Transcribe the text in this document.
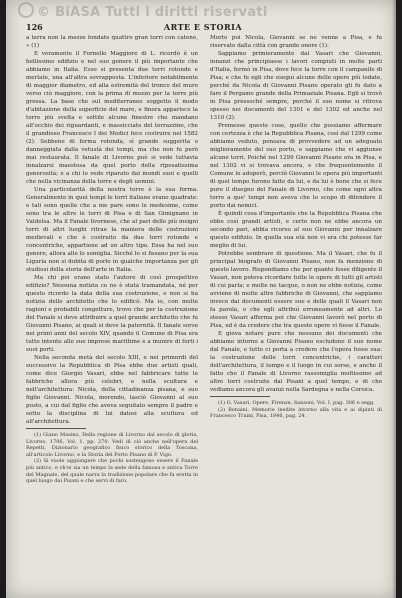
© BiASA Tutti i diritti riservati
126	ARTE E STORIA

a terra non la mezze fondate quattro gran torri con catene, » (1)

E veramente il Fornello Maggiore di L. ricordò è un bellissimo edifizio e nel suo genere il più importante che abbiamo in Italia. Esso si presenta due torri rotonde e merlate, una all'altra sovrapposta. L'inferiore notabilmente di maggior diametro, ed alla estremità del tronco del muro verso ciò maggiore, con la prima di mezzo per la torre più grossa. La base che sul mediterraneo soggetto il modo d'abitazione della superficie del mare, e finora apparisce la torre più svelta e sottile alcune finestre che mandano all'occhio dei riguardanti, e massicciate del terrazzino, che il grandioso Francesco I dei Medici fece costruire nel 1582 (2). Sebbene di forma rotonda, sì grande suggerita o danneggiata dalla vetustà dei tempi, ma che non fu però mai restaurata. Il fanale di Livorno può si vede tuttavia innalzarsi maestosa da quel porto della riposatissima generosità; e a chi lo vede riparato dai mondi suoi e quelli che nella vicinanza della torre e degli uomini.

Una particolarità della nostra torre è la sua forma. Generalmente in quei tempi le torri italiane erano quadrate: e tali sono quelle che a me pare sono le medesime, come sono tra le altre le torri di Pisa e di San Gimignano in Valdelsa. Ma il Fanale livornese, che al pari delle più insigni torri di altri luoghi ritrae la maniera delle costruzioni medievali e che è costruito da due torri rotonde e concentriche, appartiene ad un altro tipo. Essa ha nel suo genere, allora alle lo somiglia. Sicché lo si fissano per la sua Liguria non si dubita di porlo in qualche importanza per gli studiosi della storia dell'arte in Italia.

Ma chi poi erano stato l'autore di così prospettivo edifizio? Nessuna notizia ce ne è stata tramandata, né per questo ricordo la data della sua costruzione, e non si ha notizia dello architetto che lo edificò. Ma io, con molte ragioni e probabili congetture, trovo che per la costruzione del Fanale si deve attribuire a quel grande architetto che fu Giovanni Pisano, ai quali si deve la paternità. Il fanale sorse nei primi anni del secolo XIV, quando il Comune di Pisa era tutto intento alle sue imprese marittime e a munire di forti i suoi porti.

Nella seconda metà del secolo XIII, e nei primordi del successivo la Repubblica di Pisa ebbe due artisti quali, come dice Giorgio Vasari, ebbe nel fabbricare tutte le fabbriche allora più celebri, e nella scultura e nell'architettura: Nicola, della cittadinanza pisana, e suo figlio Giovanni. Nicola, morendo, lasciò Giovanni al suo posto, a cui dal figlio che aveva seguitato sempre il padre e sotto la disciplina di lui datosi alla scultura ed all'architettura.

(1) Giano Masino, Della regione di Livorno dal secolo di gloria, Livorno, 1706, Vol. 1, pp. 270. Vedi di ciò anche nell'opera del Repetti, Dizionario geografico fisico storico della Toscana, all'articolo Livorno, e la Storia del Porto Pisano di P. Vigo.

(2) Si vuole aggiungere che pochi sostengono essere il Fanale più antico, e ch'ei sia un tempo la sede della famosa e antica Torre del Magnale, del quale narra la tradizione popolare che fu eretta in quel luogo dai Pisani e che servì di faro.

Morto poi Nicola, Giovanni se ne venne a Pisa, e fu riservato dalla città con grande onore (1).

Sappiamo primieramente dal Vasari che Giovanni, innanzi che principiasse i lavori compiuti in molte parti d'Italia, fermò in Pisa, dove fece la torre con il campanile di Pisa; e che fu egli che eseguì alcune delle opere più lodate, perché da Nicola di Giovanni Pisano operato gli fu dato a fare il Pergamo grande della Primaziale Pisana. Egli si trovò in Pisa pressoché sempre, perché il suo nome si ritrova spesso nei documenti del 1301 e del 1302 ed anche nel 1310 (2).

Premesse queste cose, quello che possiamo affermare con certezza è che la Repubblica Pisana, così dal 1299 come abbiamo veduto, pensava di provvedere ad un adeguato miglioramento del suo porto, e sappiamo che vi aggiunse alcune torri. Poiché nel 1299 Giovanni Pisano era in Pisa, e nel 1302 vi si trovava ancora, e che frequentemente il Comune lo adoperò, perciò Giovanni le opera più importanti di quel tempo furono fatte da lui, e da lui è bene che si fece pure il disegno del Fanale di Livorno, che come ogni altra torre a que' tempi non aveva che lo scopo di difendere il porto dai nemici.

È quindi cosa d'importante che la Repubblica Pisana che ebbe così grandi artisti, e certo non ne ebbe ancora un secondo pari, abbia ricorso al suo Giovanni per innalzare questo edifizio. In quella sua età non vi era chi potesse far meglio di lui.

Potrebbe sembrare di questione. Ma il Vasari, che fu il principal biografo di Giovanni Pisano, non fa menzione di questo lavoro. Rispondiamo che per quanto fosse diligente il Vasari, non poteva ricordare tutte le opere di tutti gli artisti di cui parla; e molte ne tacque, o non ne ebbe notizia, come avviene di molte altre fabbriche di Giovanni, che sappiamo invece dai documenti essere sue e delle quali il Vasari non fa parola, o che egli attribuì erroneamente ad altri. Lo stesso Vasari afferma poi che Giovanni lavorò nel porto di Pisa, ed è da credere che tra queste opere vi fosse il Fanale.

E giova notare pure che nessuno dei documenti che abbiamo intorno a Giovanni Pisano escludono il suo nome dal Fanale, e tutto ci porta a credere che l'opera fosse sua: la costruzione delle torri concentriche, i caratteri dell'architettura, il tempo e il luogo in cui sorse, e anche il fatto che il Fanale di Livorno rassomiglia moltissimo ad altre torri costruite dai Pisani a quel tempo, e di che vediamo ancora gli avanzi nella Sardegna e nella Corsica.

(1) G. Vasari, Opere, Firenze, Sansoni, Vol. I, pag. 306 e segg.

(2) Bonaini, Memorie inedite intorno alla vita e ai dipinti di Francesco Traini, Pisa, 1846, pag. 24.
